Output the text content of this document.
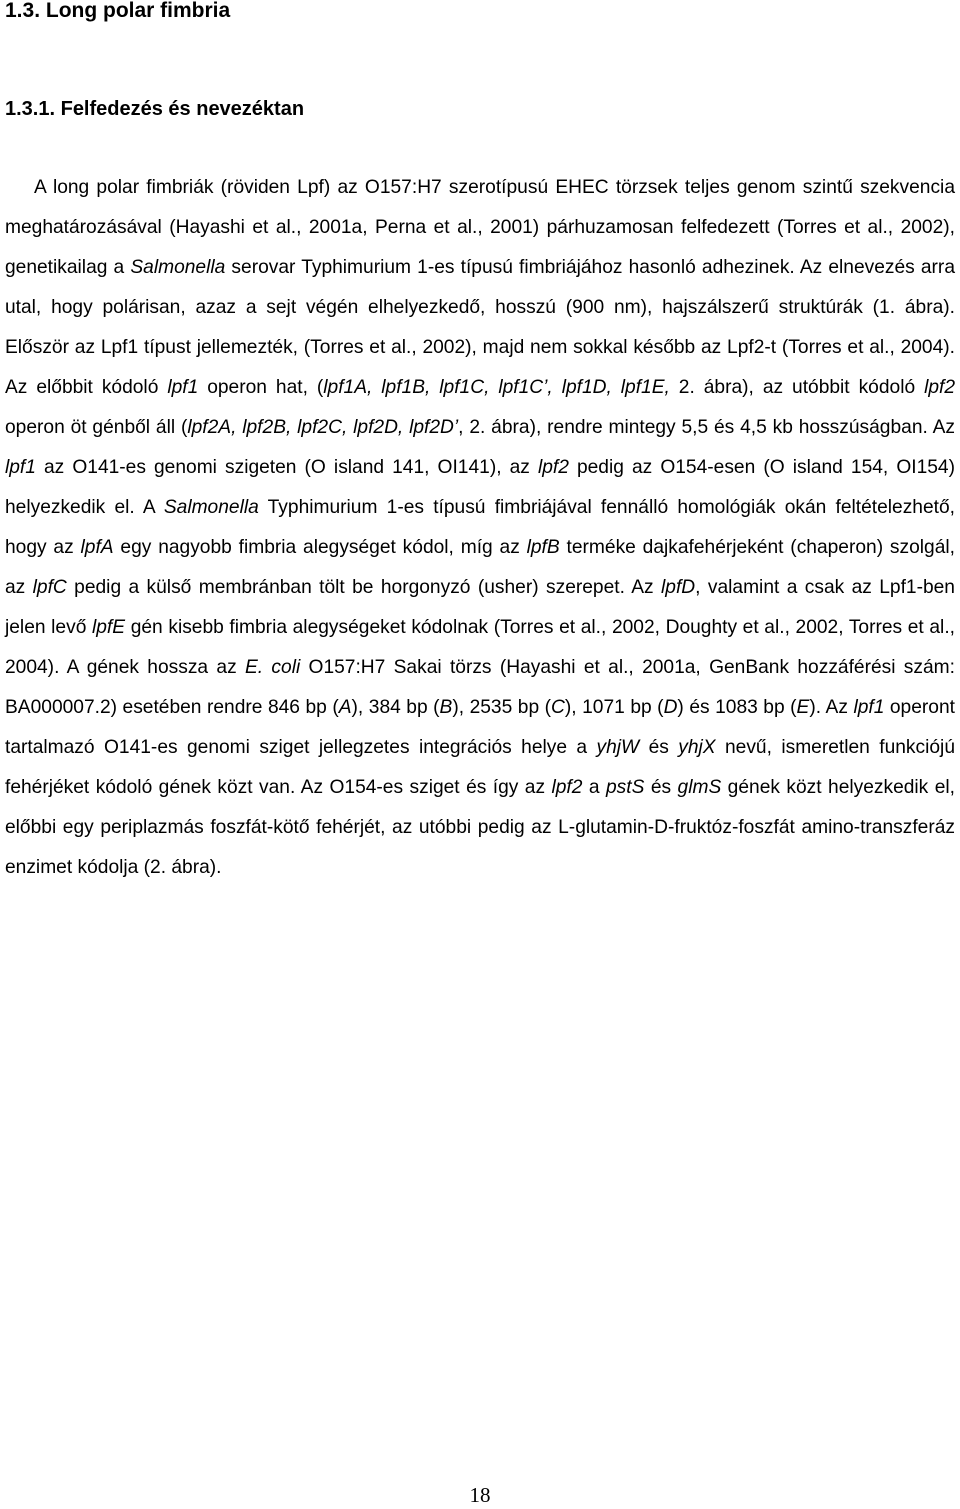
1.3. Long polar fimbria
1.3.1. Felfedezés és nevezéktan

A long polar fimbriák (röviden Lpf) az O157:H7 szerotípusú EHEC törzsek teljes genom szintű szekvencia meghatározásával (Hayashi et al., 2001a, Perna et al., 2001) párhuzamosan felfedezett (Torres et al., 2002), genetikailag a Salmonella serovar Typhimurium 1-es típusú fimbriájához hasonló adhezinek. Az elnevezés arra utal, hogy polárisan, azaz a sejt végén elhelyezkedő, hosszú (900 nm), hajszálszerű struktúrák (1. ábra). Először az Lpf1 típust jellemezték, (Torres et al., 2002), majd nem sokkal később az Lpf2-t (Torres et al., 2004). Az előbbit kódoló lpf1 operon hat, (lpf1A, lpf1B, lpf1C, lpf1C’, lpf1D, lpf1E, 2. ábra), az utóbbit kódoló lpf2 operon öt génből áll (lpf2A, lpf2B, lpf2C, lpf2D, lpf2D’, 2. ábra), rendre mintegy 5,5 és 4,5 kb hosszúságban. Az lpf1 az O141-es genomi szigeten (O island 141, OI141), az lpf2 pedig az O154-esen (O island 154, OI154) helyezkedik el. A Salmonella Typhimurium 1-es típusú fimbriájával fennálló homológiák okán feltételezhető, hogy az lpfA egy nagyobb fimbria alegységet kódol, míg az lpfB terméke dajkafehérjeként (chaperon) szolgál, az lpfC pedig a külső membránban tölt be horgonyzó (usher) szerepet. Az lpfD, valamint a csak az Lpf1-ben jelen levő lpfE gén kisebb fimbria alegységeket kódolnak (Torres et al., 2002, Doughty et al., 2002, Torres et al., 2004). A gének hossza az E. coli O157:H7 Sakai törzs (Hayashi et al., 2001a, GenBank hozzáférési szám: BA000007.2) esetében rendre 846 bp (A), 384 bp (B), 2535 bp (C), 1071 bp (D) és 1083 bp (E). Az lpf1 operont tartalmazó O141-es genomi sziget jellegzetes integrációs helye a yhjW és yhjX nevű, ismeretlen funkciójú fehérjéket kódoló gének közt van. Az O154-es sziget és így az lpf2 a pstS és glmS gének közt helyezkedik el, előbbi egy periplazmás foszfát-kötő fehérjét, az utóbbi pedig az L-glutamin-D-fruktóz-foszfát amino-transzferáz enzimet kódolja (2. ábra).

18
